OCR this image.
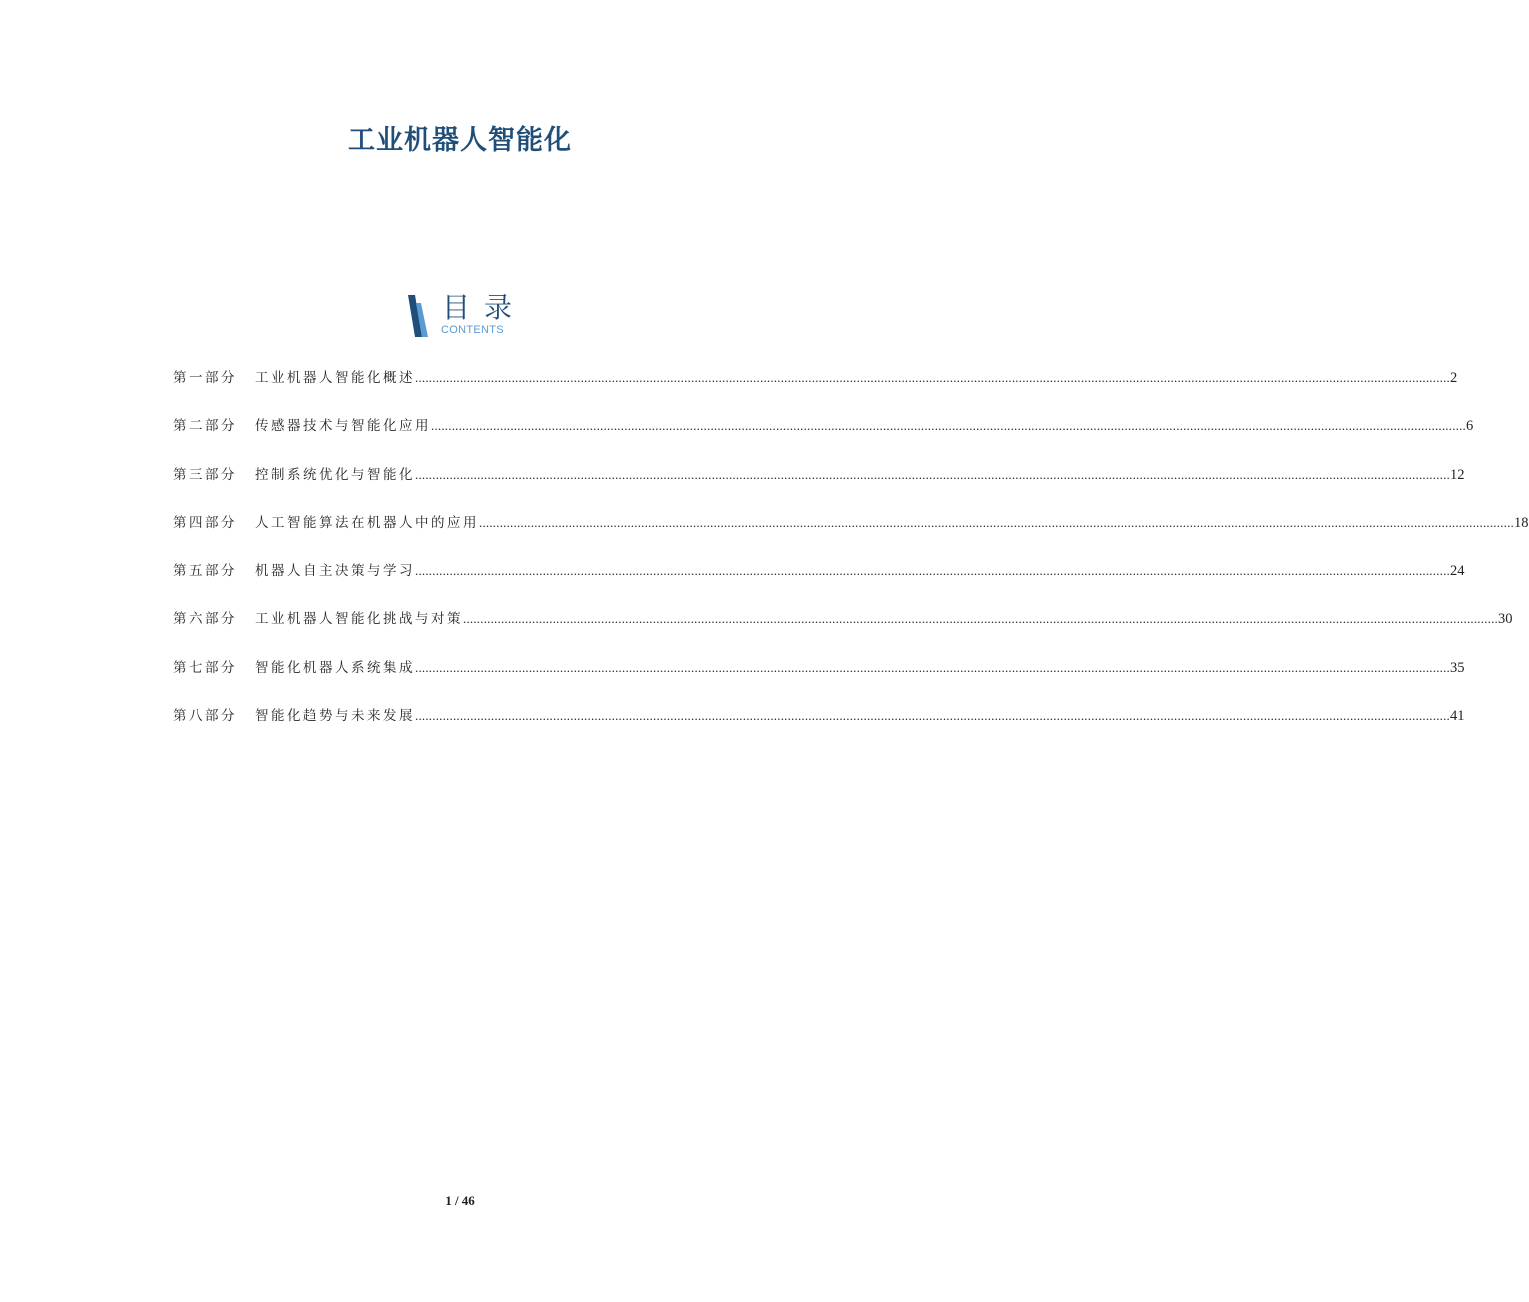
工业机器人智能化
目录
CONTENTS
第一部分	工业机器人智能化概述 ............................................................................................................................................................................................................................................................................................................ 2
第二部分	传感器技术与智能化应用 ............................................................................................................................................................................................................................................................................................................ 6
第三部分	控制系统优化与智能化 ............................................................................................................................................................................................................................................................................................................ 12
第四部分	人工智能算法在机器人中的应用 ............................................................................................................................................................................................................................................................................................................ 18
第五部分	机器人自主决策与学习 ............................................................................................................................................................................................................................................................................................................ 24
第六部分	工业机器人智能化挑战与对策 ............................................................................................................................................................................................................................................................................................................ 30
第七部分	智能化机器人系统集成 ............................................................................................................................................................................................................................................................................................................ 35
第八部分	智能化趋势与未来发展 ............................................................................................................................................................................................................................................................................................................ 41
1 / 46
